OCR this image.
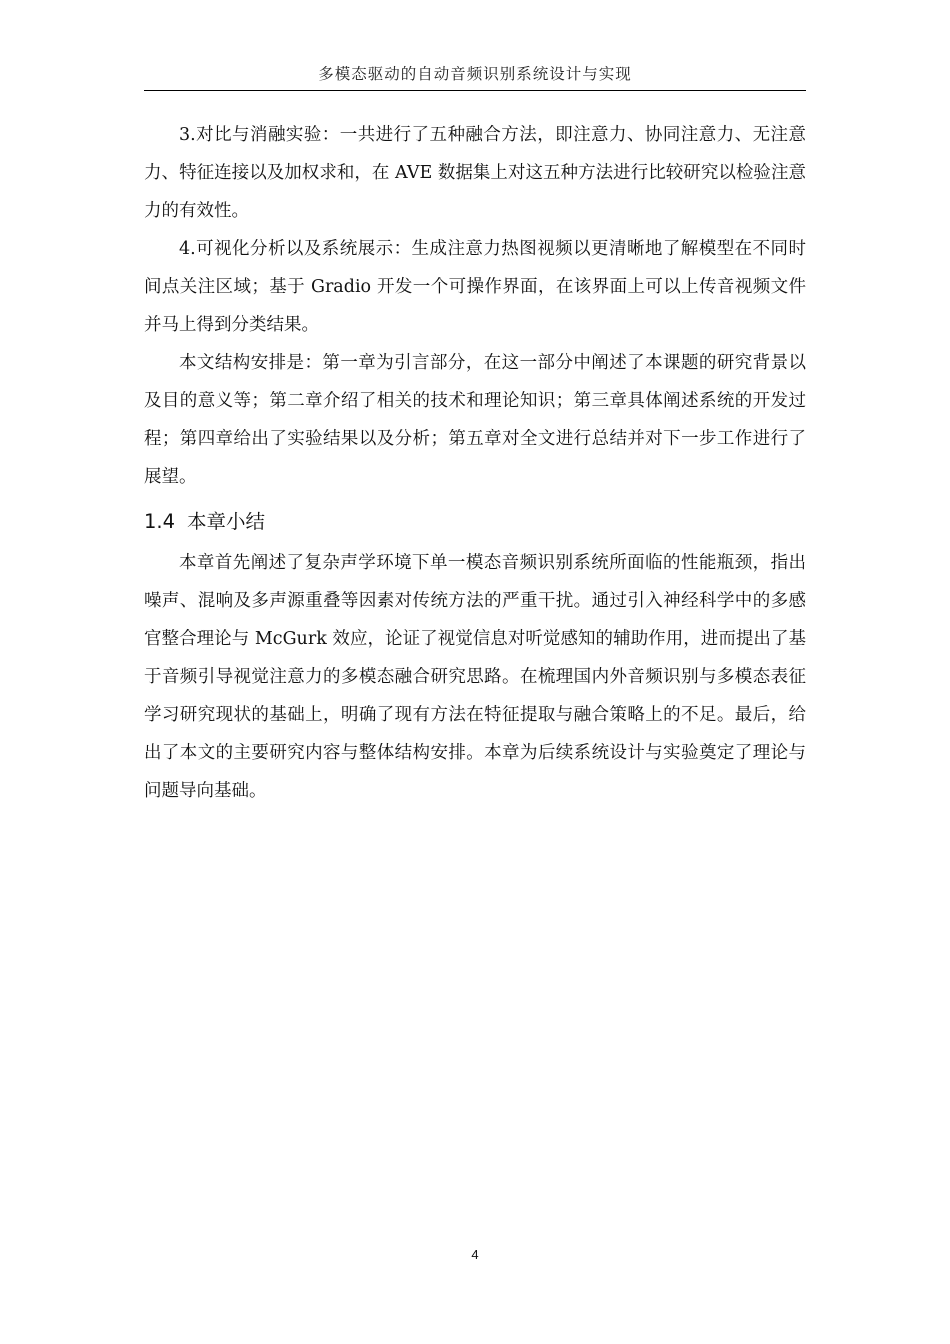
多模态驱动的自动音频识别系统设计与实现

3.对比与消融实验：一共进行了五种融合方法，即注意力、协同注意力、无注意力、特征连接以及加权求和，在 AVE 数据集上对这五种方法进行比较研究以检验注意力的有效性。

4.可视化分析以及系统展示：生成注意力热图视频以更清晰地了解模型在不同时间点关注区域；基于 Gradio 开发一个可操作界面，在该界面上可以上传音视频文件并马上得到分类结果。

本文结构安排是：第一章为引言部分，在这一部分中阐述了本课题的研究背景以及目的意义等；第二章介绍了相关的技术和理论知识；第三章具体阐述系统的开发过程；第四章给出了实验结果以及分析；第五章对全文进行总结并对下一步工作进行了展望。

1.4 本章小结

本章首先阐述了复杂声学环境下单一模态音频识别系统所面临的性能瓶颈，指出噪声、混响及多声源重叠等因素对传统方法的严重干扰。通过引入神经科学中的多感官整合理论与 McGurk 效应，论证了视觉信息对听觉感知的辅助作用，进而提出了基于音频引导视觉注意力的多模态融合研究思路。在梳理国内外音频识别与多模态表征学习研究现状的基础上，明确了现有方法在特征提取与融合策略上的不足。最后，给出了本文的主要研究内容与整体结构安排。本章为后续系统设计与实验奠定了理论与问题导向基础。

4
